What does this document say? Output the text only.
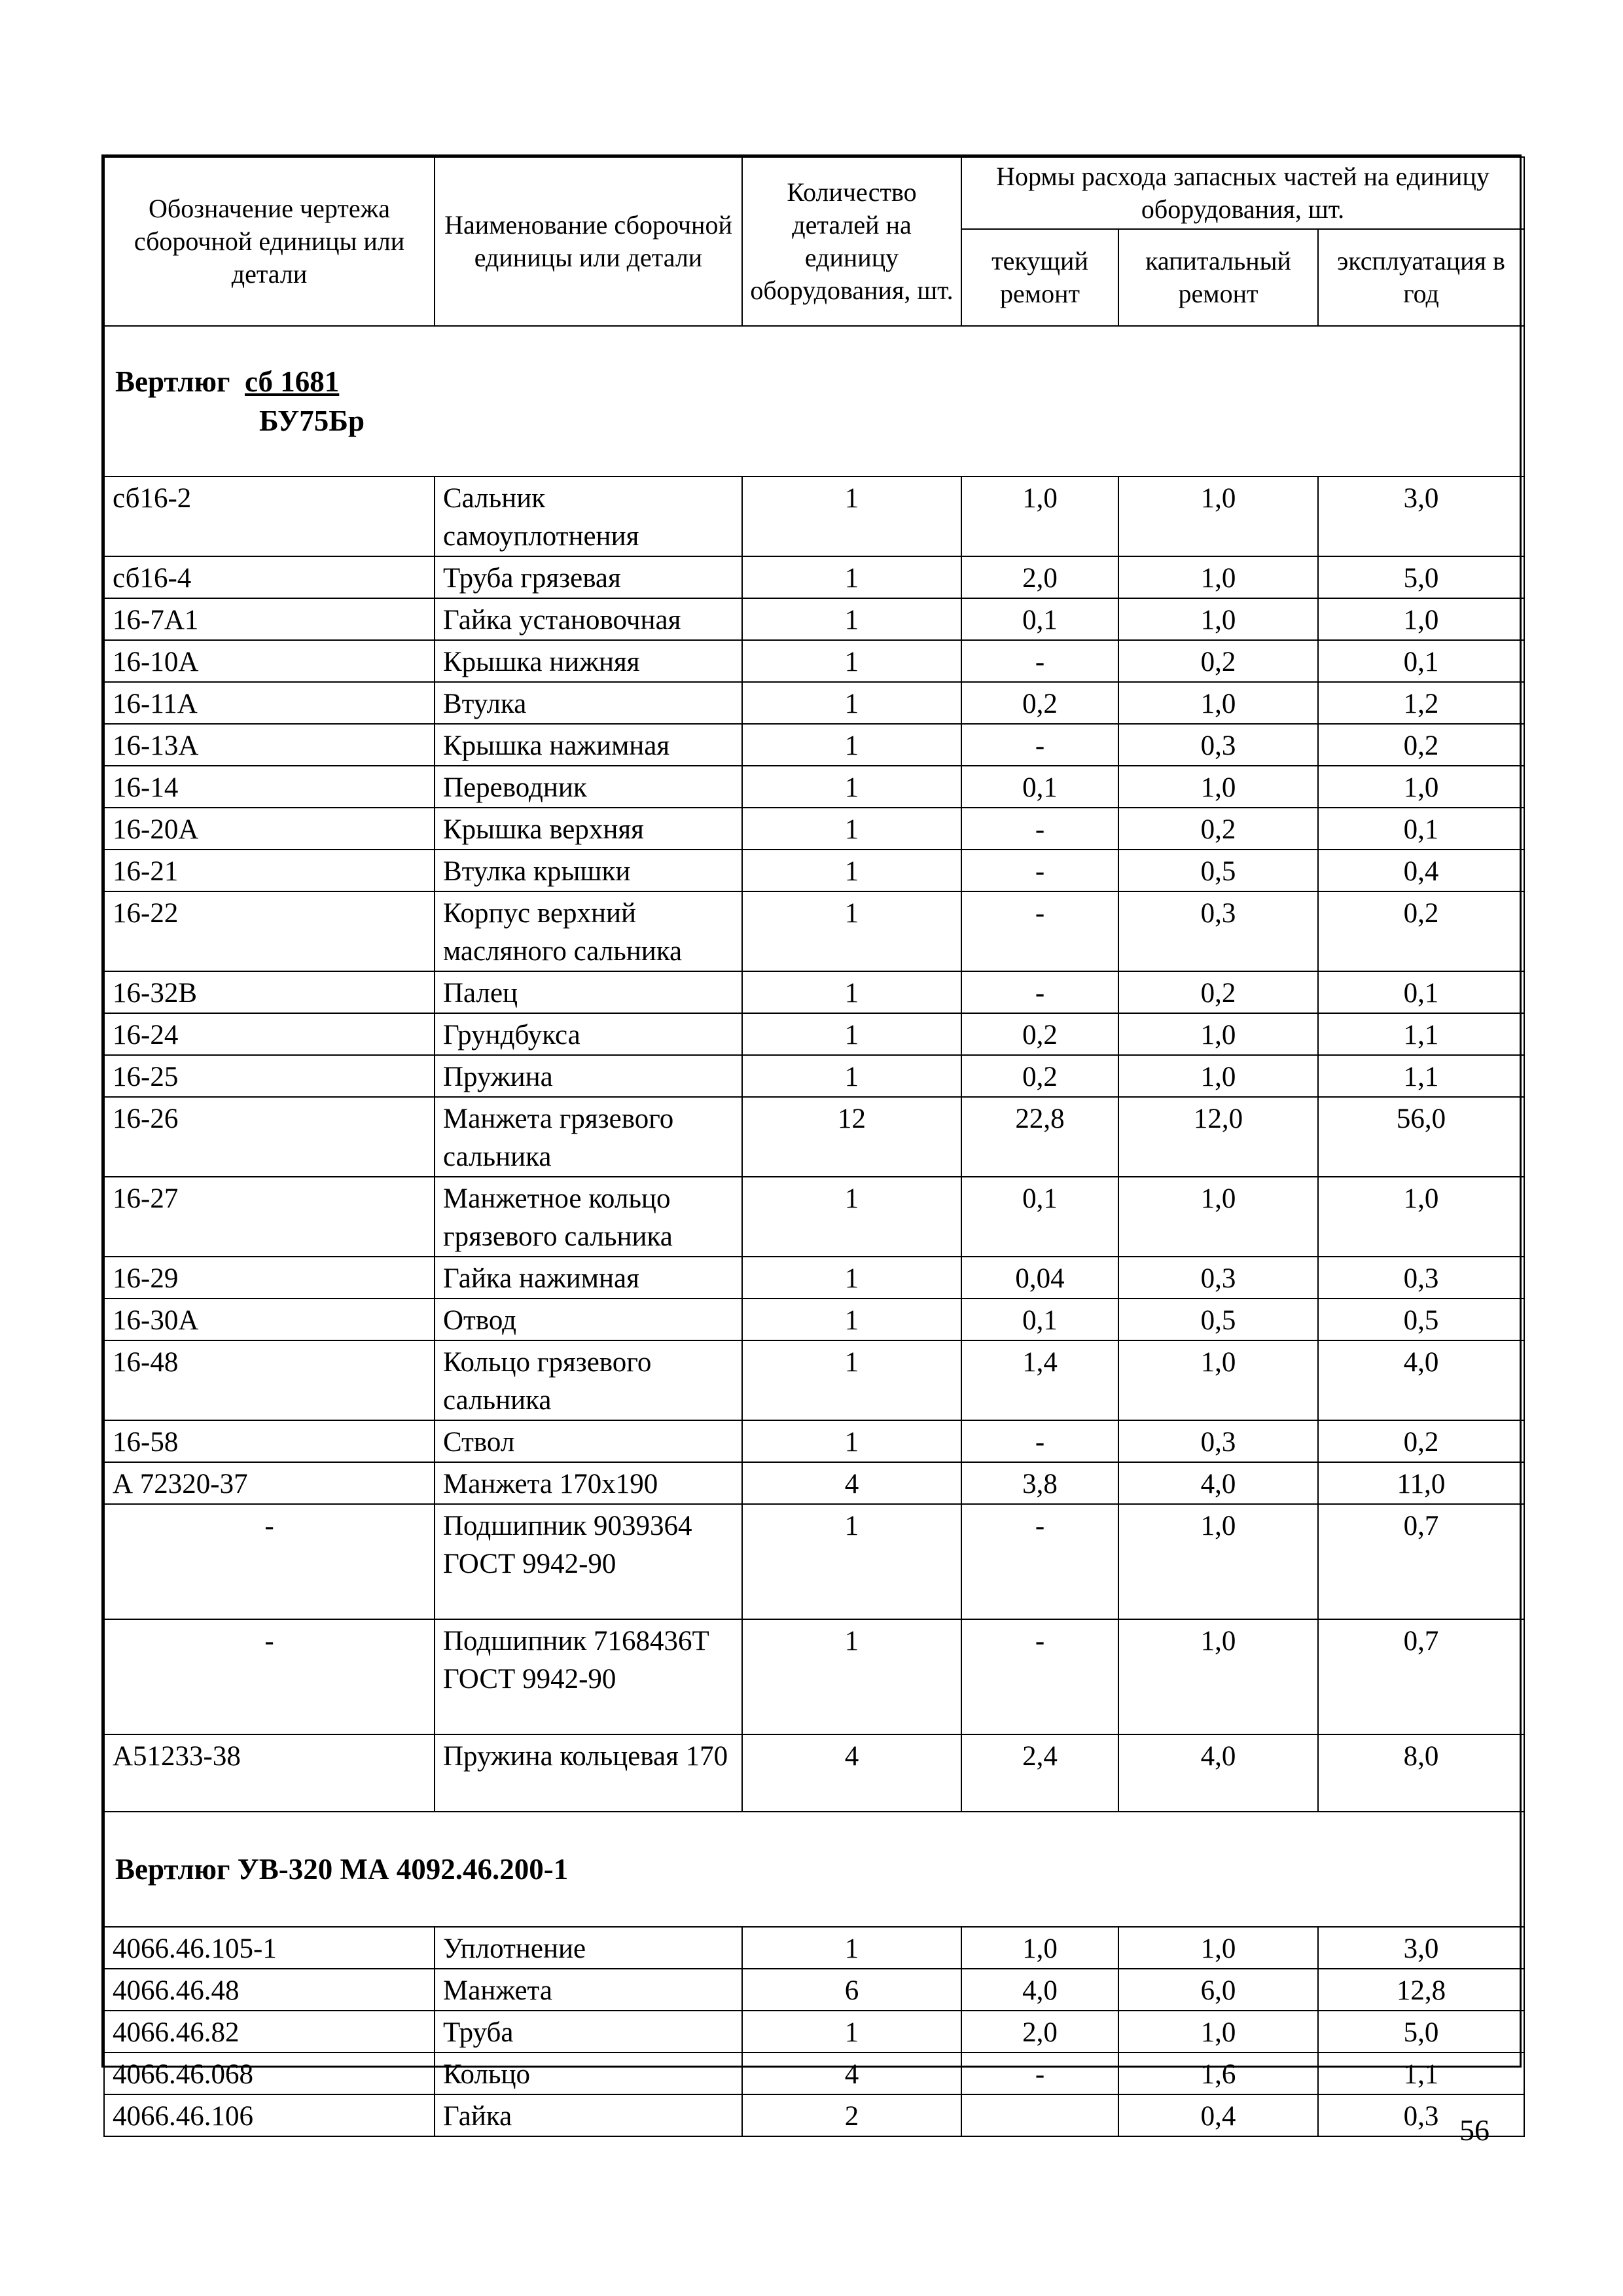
Обозначение чертежа сборочной единицы или детали	Наименование сборочной единицы или детали	Количество деталей на единицу оборудования, шт.	Нормы расхода запасных частей на единицу оборудования, шт.		
			текущий ремонт	капитальный ремонт	эксплуатация в год
Вертлюг сб 1681
БУ75Бр					
сб16-2	Сальник самоуплотнения	1	1,0	1,0	3,0
сб16-4	Труба грязевая	1	2,0	1,0	5,0
16-7А1	Гайка установочная	1	0,1	1,0	1,0
16-10А	Крышка нижняя	1	-	0,2	0,1
16-11А	Втулка	1	0,2	1,0	1,2
16-13А	Крышка нажимная	1	-	0,3	0,2
16-14	Переводник	1	0,1	1,0	1,0
16-20А	Крышка верхняя	1	-	0,2	0,1
16-21	Втулка крышки	1	-	0,5	0,4
16-22	Корпус верхний масляного сальника	1	-	0,3	0,2
16-32В	Палец	1	-	0,2	0,1
16-24	Грундбукса	1	0,2	1,0	1,1
16-25	Пружина	1	0,2	1,0	1,1
16-26	Манжета грязевого сальника	12	22,8	12,0	56,0
16-27	Манжетное кольцо грязевого сальника	1	0,1	1,0	1,0
16-29	Гайка нажимная	1	0,04	0,3	0,3
16-30А	Отвод	1	0,1	0,5	0,5
16-48	Кольцо грязевого сальника	1	1,4	1,0	4,0
16-58	Ствол	1	-	0,3	0,2
А 72320-37	Манжета 170х190	4	3,8	4,0	11,0
-	Подшипник 9039364 ГОСТ 9942-90	1	-	1,0	0,7
-	Подшипник 7168436Т ГОСТ 9942-90	1	-	1,0	0,7
А51233-38	Пружина кольцевая 170	4	2,4	4,0	8,0
Вертлюг УВ-320 МА 4092.46.200-1					
4066.46.105-1	Уплотнение	1	1,0	1,0	3,0
4066.46.48	Манжета	6	4,0	6,0	12,8
4066.46.82	Труба	1	2,0	1,0	5,0
4066.46.068	Кольцо	4	-	1,6	1,1
4066.46.106	Гайка	2		0,4	0,3 56
